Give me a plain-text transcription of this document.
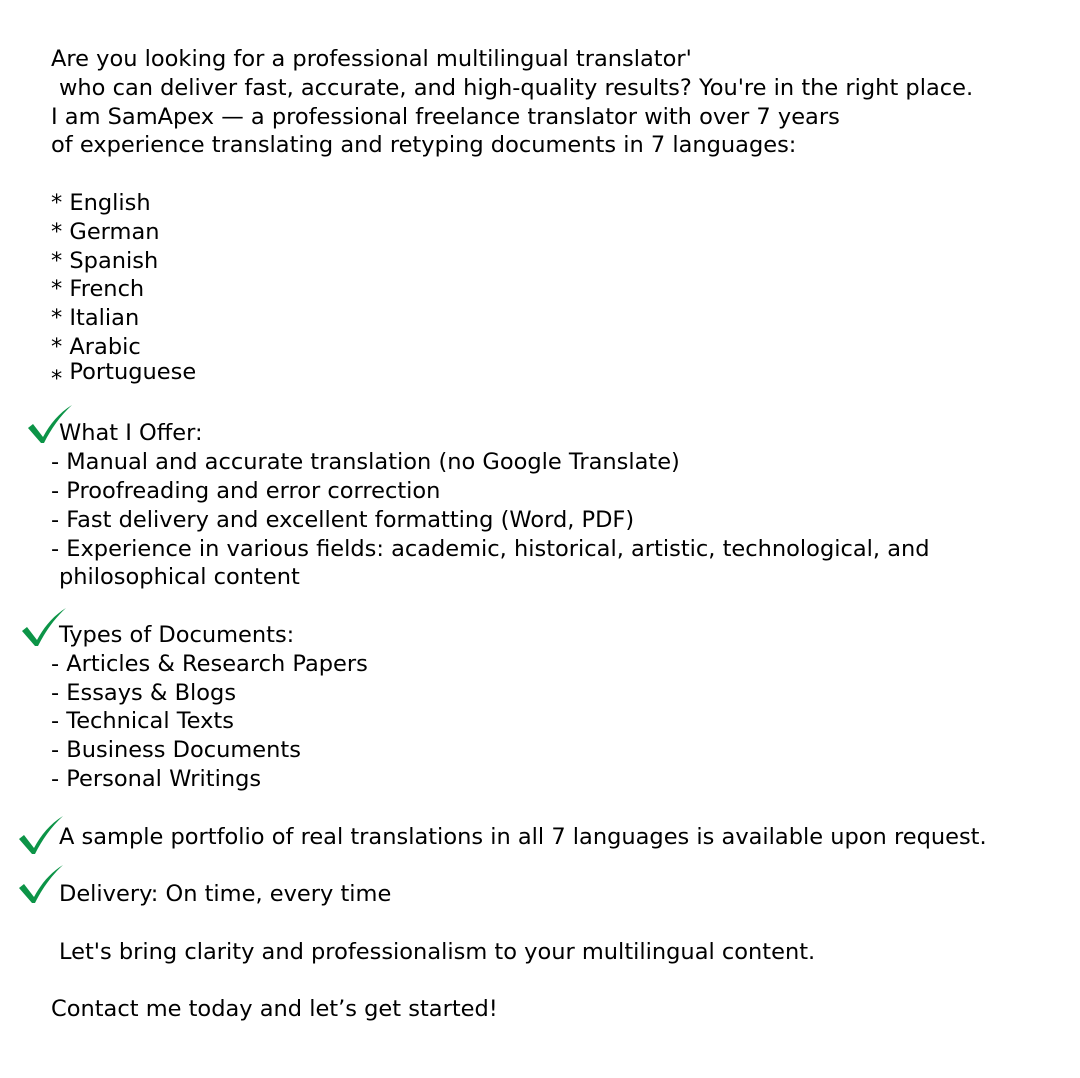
Are you looking for a professional multilingual translator'
who can deliver fast, accurate, and high-quality results? You're in the right place.
I am SamApex — a professional freelance translator with over 7 years
of experience translating and retyping documents in 7 languages:
* English
* German
* Spanish
* French
* Italian
* Arabic
⁎ Portuguese
What I Offer:
- Manual and accurate translation (no Google Translate)
- Proofreading and error correction
- Fast delivery and excellent formatting (Word, PDF)
- Experience in various fields: academic, historical, artistic, technological, and
philosophical content
Types of Documents:
- Articles & Research Papers
- Essays & Blogs
- Technical Texts
- Business Documents
- Personal Writings
A sample portfolio of real translations in all 7 languages is available upon request.
Delivery: On time, every time
Let's bring clarity and professionalism to your multilingual content.
Contact me today and let’s get started!
